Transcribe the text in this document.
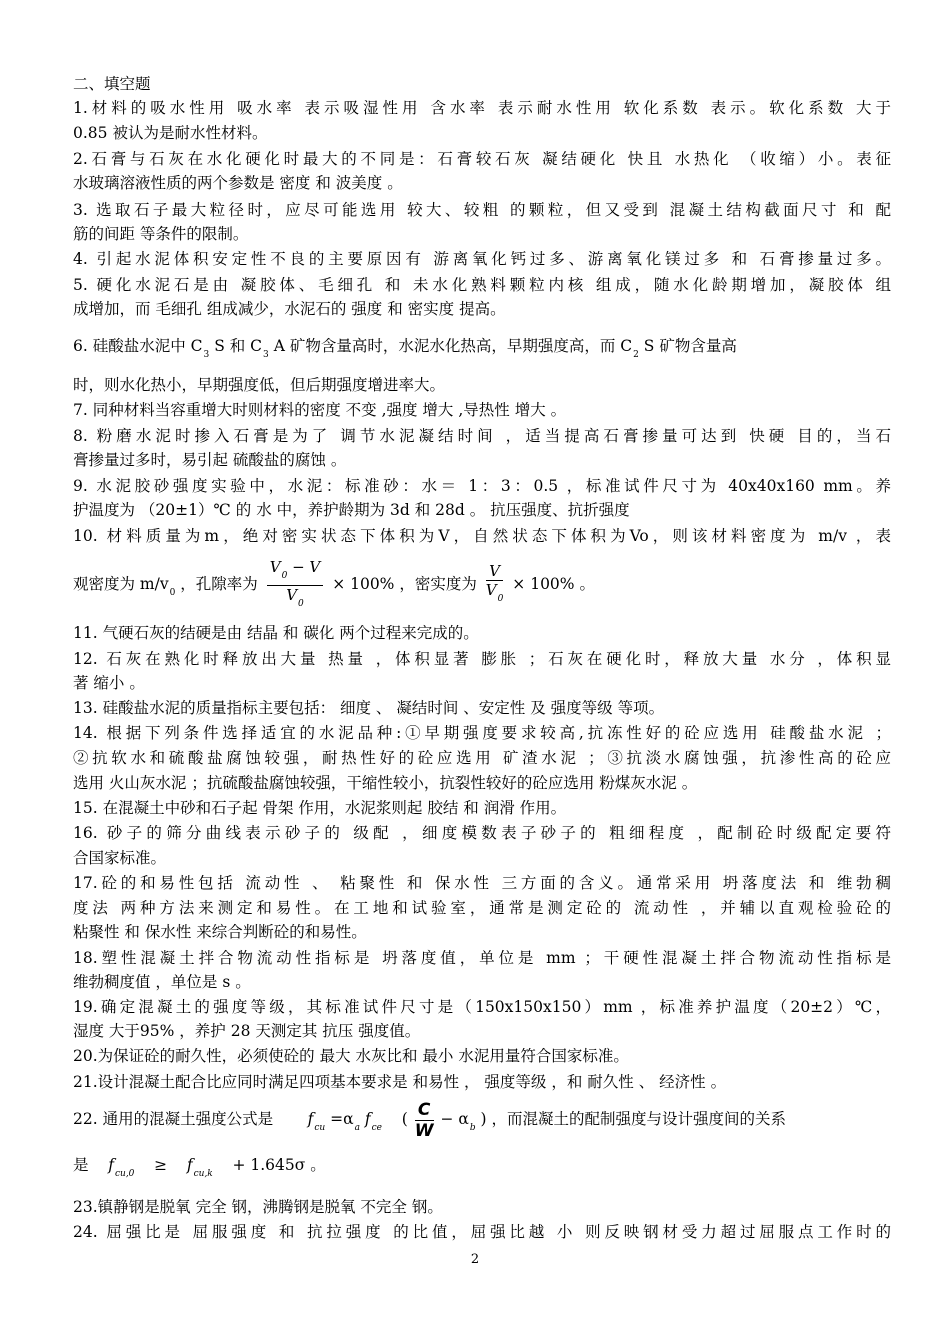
二、填空题
1.材料的吸水性用 吸水率 表示吸湿性用 含水率 表示耐水性用 软化系数 表示。软化系数 大于
0.85 被认为是耐水性材料。
2.石膏与石灰在水化硬化时最大的不同是：石膏较石灰 凝结硬化 快且 水热化 （收缩）小。表征
水玻璃溶液性质的两个参数是 密度 和 波美度 。
3. 选取石子最大粒径时，应尽可能选用 较大、较粗 的颗粒，但又受到 混凝土结构截面尺寸 和 配
筋的间距 等条件的限制。
4. 引起水泥体积安定性不良的主要原因有 游离氧化钙过多、游离氧化镁过多 和 石膏掺量过多。
5. 硬化水泥石是由 凝胶体、毛细孔 和 未水化熟料颗粒内核 组成，随水化龄期增加，凝胶体 组
成增加，而 毛细孔 组成减少，水泥石的 强度 和 密实度 提高。
6. 硅酸盐水泥中 $C_3$ S 和 $C_3$ A 矿物含量高时，水泥水化热高，早期强度高，而 $C_2$ S 矿物含量高
时，则水化热小，早期强度低，但后期强度增进率大。
7. 同种材料当容重增大时则材料的密度 不变 ,强度 增大 ,导热性 增大 。
8. 粉磨水泥时掺入石膏是为了 调节水泥凝结时间 ，适当提高石膏掺量可达到 快硬 目的，当石
膏掺量过多时，易引起 硫酸盐的腐蚀 。
9. 水泥胶砂强度实验中，水泥：标准砂：水＝ 1：3：0.5 ，标准试件尺寸为 40x40x160 mm。养
护温度为 （20±1）℃ 的 水 中，养护龄期为 3d 和 28d 。 抗压强度、抗折强度
10. 材料质量为m，绝对密实状态下体积为V，自然状态下体积为Vo，则该材料密度为 m/v ，表
观密度为 $m/v_0$ ，孔隙率为 $\frac{V_0 - V}{V_0} \times 100\%$ ，密实度为 $\frac{V}{V_0} \times 100\%$ 。
11. 气硬石灰的结硬是由 结晶 和 碳化 两个过程来完成的。
12. 石灰在熟化时释放出大量 热量 ，体积显著 膨胀 ；石灰在硬化时，释放大量 水分 ，体积显
著 缩小 。
13. 硅酸盐水泥的质量指标主要包括： 细度 、 凝结时间 、安定性 及 强度等级 等项。
14. 根据下列条件选择适宜的水泥品种:①早期强度要求较高,抗冻性好的砼应选用 硅酸盐水泥 ；
②抗软水和硫酸盐腐蚀较强，耐热性好的砼应选用 矿渣水泥 ；③抗淡水腐蚀强，抗渗性高的砼应
选用 火山灰水泥 ；抗硫酸盐腐蚀较强，干缩性较小，抗裂性较好的砼应选用 粉煤灰水泥 。
15. 在混凝土中砂和石子起 骨架 作用，水泥浆则起 胶结 和 润滑 作用。
16. 砂子的筛分曲线表示砂子的 级配 ，细度模数表子砂子的 粗细程度 ，配制砼时级配定要符
合国家标准。
17.砼的和易性包括 流动性 、 粘聚性 和 保水性 三方面的含义。通常采用 坍落度法 和 维勃稠
度法 两种方法来测定和易性。在工地和试验室，通常是测定砼的 流动性 ，并辅以直观检验砼的
粘聚性 和 保水性 来综合判断砼的和易性。
18.塑性混凝土拌合物流动性指标是 坍落度值，单位是 mm ；干硬性混凝土拌合物流动性指标是
维勃稠度值 ，单位是 s 。
19.确定混凝土的强度等级，其标准试件尺寸是（150x150x150）mm ，标准养护温度（20±2）℃，
湿度 大于95% ，养护 28 天测定其 抗压 强度值。
20.为保证砼的耐久性，必须使砼的 最大 水灰比和 最小 水泥用量符合国家标准。
21.设计混凝土配合比应同时满足四项基本要求是 和易性 ， 强度等级 ，和 耐久性 、 经济性 。
22. 通用的混凝土强度公式是 $f_{cu} =\alpha_a$ $f_{ce}$ ( $\frac{C}{W} - \alpha_b$ ) ，而混凝土的配制强度与设计强度间的关系
是 $f_{cu,0} \ge f_{cu,k} + 1.645\sigma$ 。
23.镇静钢是脱氧 完全 钢，沸腾钢是脱氧 不完全 钢。
24. 屈强比是 屈服强度 和 抗拉强度 的比值，屈强比越 小 则反映钢材受力超过屈服点工作时的
2
